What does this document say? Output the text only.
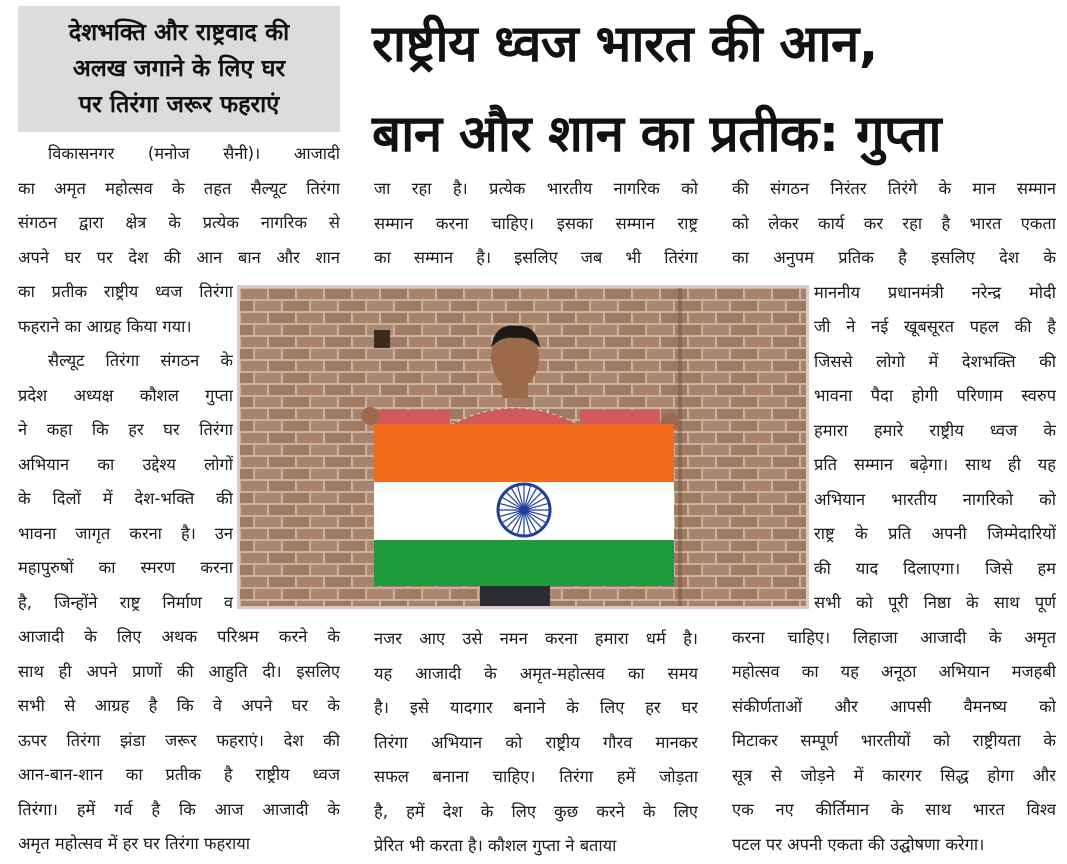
देशभक्ति और राष्ट्रवाद की
अलख जगाने के लिए घर
पर तिरंगा जरूर फहराएं
राष्ट्रीय ध्वज भारत की आन,
बान और शान का प्रतीक: गुप्ता
विकासनगर (मनोज सैनी)। आजादी
का अमृत महोत्सव के तहत सैल्यूट तिरंगा
संगठन द्वारा क्षेत्र के प्रत्येक नागरिक से
अपने घर पर देश की आन बान और शान
का प्रतीक राष्ट्रीय ध्वज तिरंगा
फहराने का आग्रह किया गया।
सैल्यूट तिरंगा संगठन के
प्रदेश अध्यक्ष कौशल गुप्ता
ने कहा कि हर घर तिरंगा
अभियान का उद्देश्य लोगों
के दिलों में देश-भक्ति की
भावना जागृत करना है। उन
महापुरुषों का स्मरण करना
है, जिन्होंने राष्ट्र निर्माण व
आजादी के लिए अथक परिश्रम करने के
साथ ही अपने प्राणों की आहुति दी। इसलिए
सभी से आग्रह है कि वे अपने घर के
ऊपर तिरंगा झंडा जरूर फहराएं। देश की
आन-बान-शान का प्रतीक है राष्ट्रीय ध्वज
तिरंगा। हमें गर्व है कि आज आजादी के
अमृत महोत्सव में हर घर तिरंगा फहराया
जा रहा है। प्रत्येक भारतीय नागरिक को
सम्मान करना चाहिए। इसका सम्मान राष्ट्र
का सम्मान है। इसलिए जब भी तिरंगा
नजर आए उसे नमन करना हमारा धर्म है।
यह आजादी के अमृत-महोत्सव का समय
है। इसे यादगार बनाने के लिए हर घर
तिरंगा अभियान को राष्ट्रीय गौरव मानकर
सफल बनाना चाहिए। तिरंगा हमें जोड़ता
है, हमें देश के लिए कुछ करने के लिए
प्रेरित भी करता है। कौशल गुप्ता ने बताया
की संगठन निरंतर तिरंगे के मान सम्मान
को लेकर कार्य कर रहा है भारत एकता
का अनुपम प्रतिक है इसलिए देश के
माननीय प्रधानमंत्री नरेन्द्र मोदी
जी ने नई खूबसूरत पहल की है
जिससे लोगो में देशभक्ति की
भावना पैदा होगी परिणाम स्वरुप
हमारा हमारे राष्ट्रीय ध्वज के
प्रति सम्मान बढ़ेगा। साथ ही यह
अभियान भारतीय नागरिको को
राष्ट्र के प्रति अपनी जिम्मेदारियों
की याद दिलाएगा। जिसे हम
सभी को पूरी निष्ठा के साथ पूर्ण
करना चाहिए। लिहाजा आजादी के अमृत
महोत्सव का यह अनूठा अभियान मजहबी
संकीर्णताओं और आपसी वैमनष्य को
मिटाकर सम्पूर्ण भारतीयों को राष्ट्रीयता के
सूत्र से जोड़ने में कारगर सिद्ध होगा और
एक नए कीर्तिमान के साथ भारत विश्व
पटल पर अपनी एकता की उद्घोषणा करेगा।
